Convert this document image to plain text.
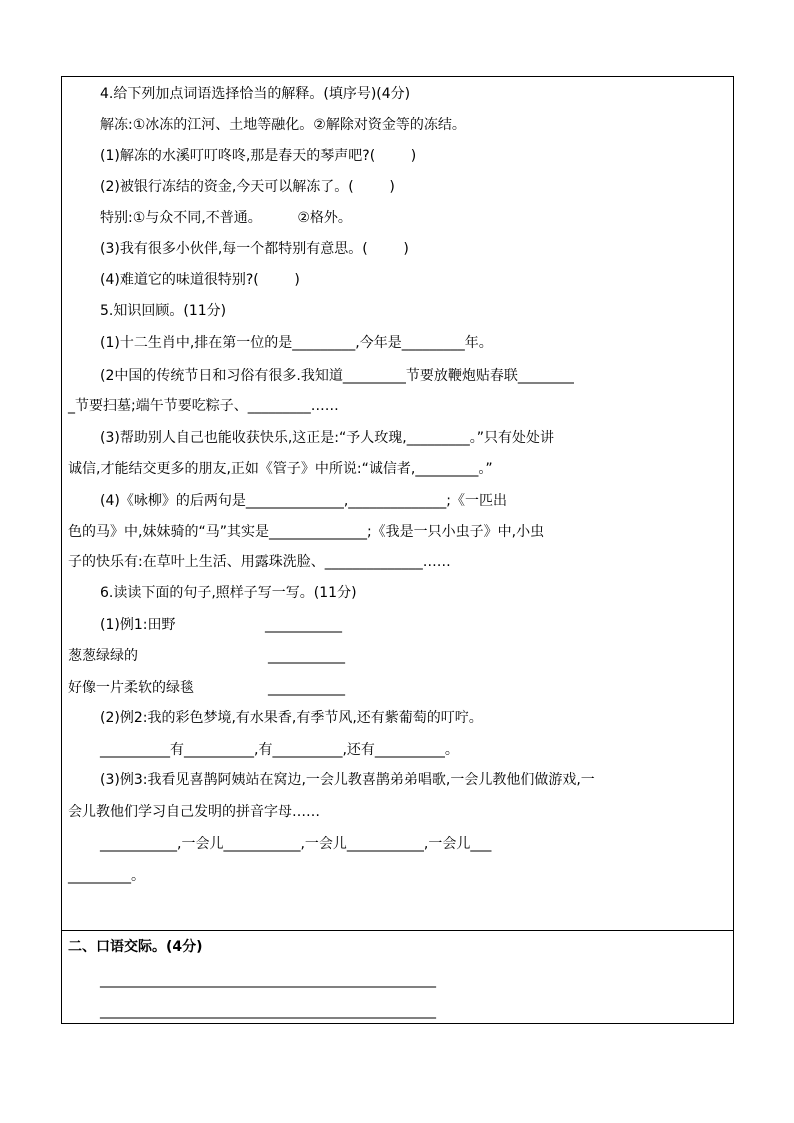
4.给下列加点词语选择恰当的解释。(填序号)(4分)
解冻:①冰冻的江河、土地等融化。②解除对资金等的冻结。
(1)解冻的水溪叮叮咚咚,那是春天的琴声吧?(        )
(2)被银行冻结的资金,今天可以解冻了。(        )
特别:①与众不同,不普通。        ②格外。
(3)我有很多小伙伴,每一个都特别有意思。(        )
(4)难道它的味道很特别?(        )
5.知识回顾。(11分)
(1)十二生肖中,排在第一位的是_________,今年是_________年。
(2中国的传统节日和习俗有很多.我知道_________节要放鞭炮贴春联________
_节要扫墓;端午节要吃粽子、_________……
(3)帮助别人自己也能收获快乐,这正是:“予人玫瑰,_________。”只有处处讲
诚信,才能结交更多的朋友,正如《管子》中所说:“诚信者,_________。”
(4)《咏柳》的后两句是______________,______________;《一匹出
色的马》中,妹妹骑的“马”其实是______________;《我是一只小虫子》中,小虫
子的快乐有:在草叶上生活、用露珠洗脸、______________……
6.读读下面的句子,照样子写一写。(11分)
(1)例1:田野	___________
葱葱绿绿的	___________
好像一片柔软的绿毯	___________
(2)例2:我的彩色梦境,有水果香,有季节风,还有紫葡萄的叮咛。
__________有__________,有__________,还有__________。
(3)例3:我看见喜鹊阿姨站在窝边,一会儿教喜鹊弟弟唱歌,一会儿教他们做游戏,一
会儿教他们学习自己发明的拼音字母……
___________,一会儿___________,一会儿___________,一会儿___
_________。
二、口语交际。(4分)
________________________________________________
________________________________________________
